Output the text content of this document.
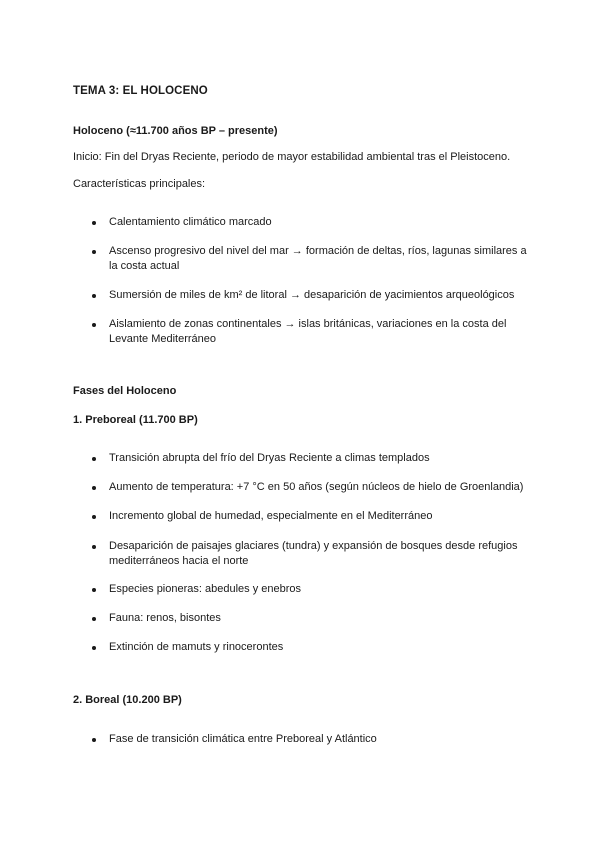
TEMA 3: EL HOLOCENO
Holoceno (≈11.700 años BP – presente)
Inicio: Fin del Dryas Reciente, periodo de mayor estabilidad ambiental tras el Pleistoceno.
Características principales:
Calentamiento climático marcado
Ascenso progresivo del nivel del mar → formación de deltas, ríos, lagunas similares a la costa actual
Sumersión de miles de km² de litoral → desaparición de yacimientos arqueológicos
Aislamiento de zonas continentales → islas británicas, variaciones en la costa del Levante Mediterráneo
Fases del Holoceno
1. Preboreal (11.700 BP)
Transición abrupta del frío del Dryas Reciente a climas templados
Aumento de temperatura: +7 °C en 50 años (según núcleos de hielo de Groenlandia)
Incremento global de humedad, especialmente en el Mediterráneo
Desaparición de paisajes glaciares (tundra) y expansión de bosques desde refugios mediterráneos hacia el norte
Especies pioneras: abedules y enebros
Fauna: renos, bisontes
Extinción de mamuts y rinocerontes
2. Boreal (10.200 BP)
Fase de transición climática entre Preboreal y Atlántico
